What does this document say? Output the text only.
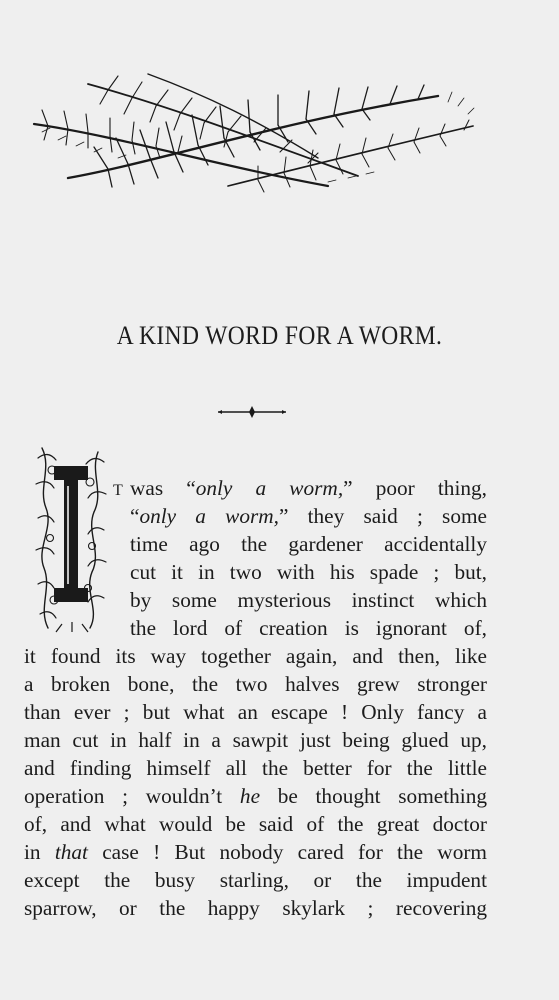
A KIND WORD FOR A WORM.
T was “only a worm,” poor thing,
“only a worm,” they said ; some
time ago the gardener accidentally
cut it in two with his spade ; but,
by some mysterious instinct which
the lord of creation is ignorant of,
it found its way together again, and then, like
a broken bone, the two halves grew stronger
than ever ; but what an escape ! Only fancy a
man cut in half in a sawpit just being glued up,
and finding himself all the better for the little
operation ; wouldn’t he be thought something
of, and what would be said of the great doctor
in that case ! But nobody cared for the worm
except the busy starling, or the impudent
sparrow, or the happy skylark ; recovering
